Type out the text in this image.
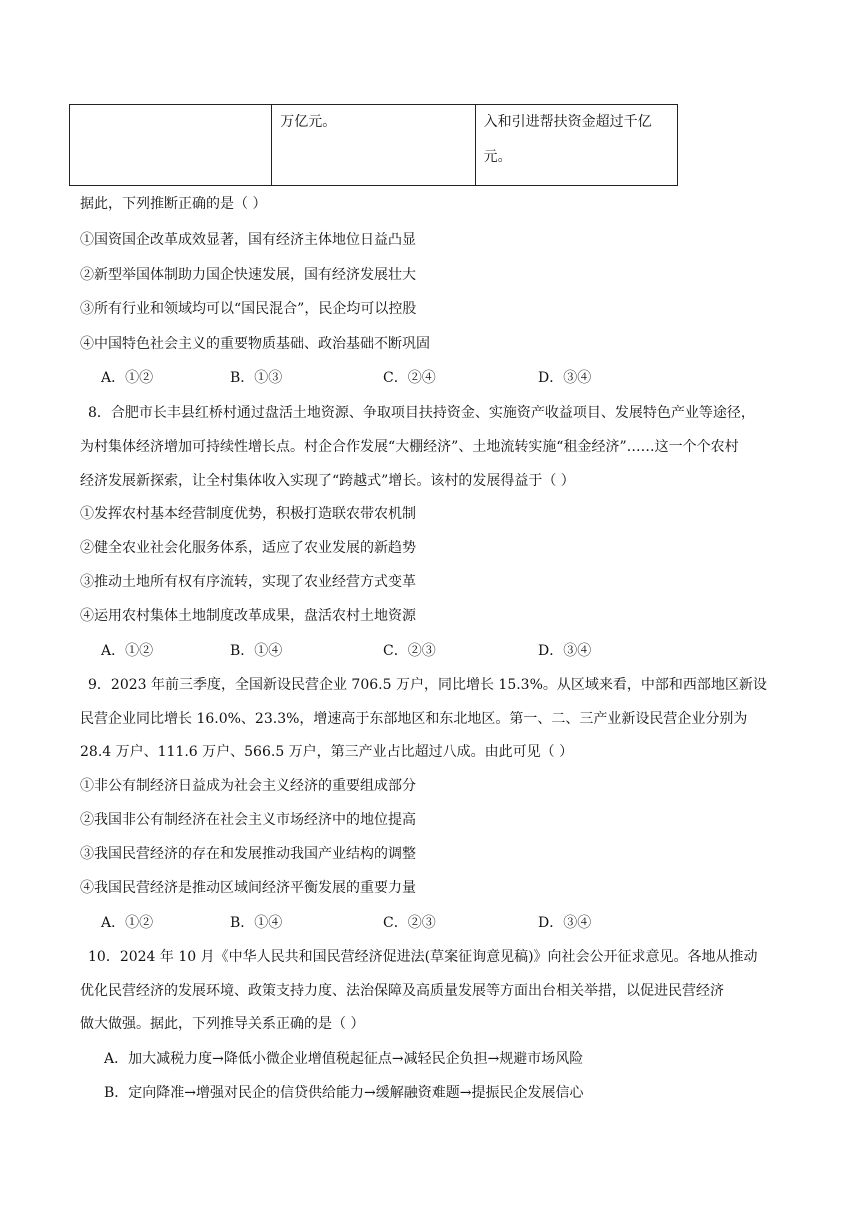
	万亿元。	入和引进帮扶资金超过千亿
元。
据此，下列推断正确的是（ ）
①国资国企改革成效显著，国有经济主体地位日益凸显
②新型举国体制助力国企快速发展，国有经济发展壮大
③所有行业和领域均可以“国民混合”，民企均可以控股
④中国特色社会主义的重要物质基础、政治基础不断巩固
A．①②	B．①③	C．②④	D．③④
8．合肥市长丰县红桥村通过盘活土地资源、争取项目扶持资金、实施资产收益项目、发展特色产业等途径，
为村集体经济增加可持续性增长点。村企合作发展“大棚经济”、土地流转实施“租金经济”……这一个个农村
经济发展新探索，让全村集体收入实现了“跨越式”增长。该村的发展得益于（ ）
①发挥农村基本经营制度优势，积极打造联农带农机制
②健全农业社会化服务体系，适应了农业发展的新趋势
③推动土地所有权有序流转，实现了农业经营方式变革
④运用农村集体土地制度改革成果，盘活农村土地资源
A．①②	B．①④	C．②③	D．③④
9．2023 年前三季度，全国新设民营企业 706.5 万户，同比增长 15.3%。从区域来看，中部和西部地区新设
民营企业同比增长 16.0%、23.3%，增速高于东部地区和东北地区。第一、二、三产业新设民营企业分别为
28.4 万户、111.6 万户、566.5 万户，第三产业占比超过八成。由此可见（ ）
①非公有制经济日益成为社会主义经济的重要组成部分
②我国非公有制经济在社会主义市场经济中的地位提高
③我国民营经济的存在和发展推动我国产业结构的调整
④我国民营经济是推动区域间经济平衡发展的重要力量
A．①②	B．①④	C．②③	D．③④
10．2024 年 10 月《中华人民共和国民营经济促进法(草案征询意见稿)》向社会公开征求意见。各地从推动
优化民营经济的发展环境、政策支持力度、法治保障及高质量发展等方面出台相关举措，以促进民营经济
做大做强。据此，下列推导关系正确的是（ ）
A．加大减税力度→降低小微企业增值税起征点→减轻民企负担→规避市场风险
B．定向降准→增强对民企的信贷供给能力→缓解融资难题→提振民企发展信心
